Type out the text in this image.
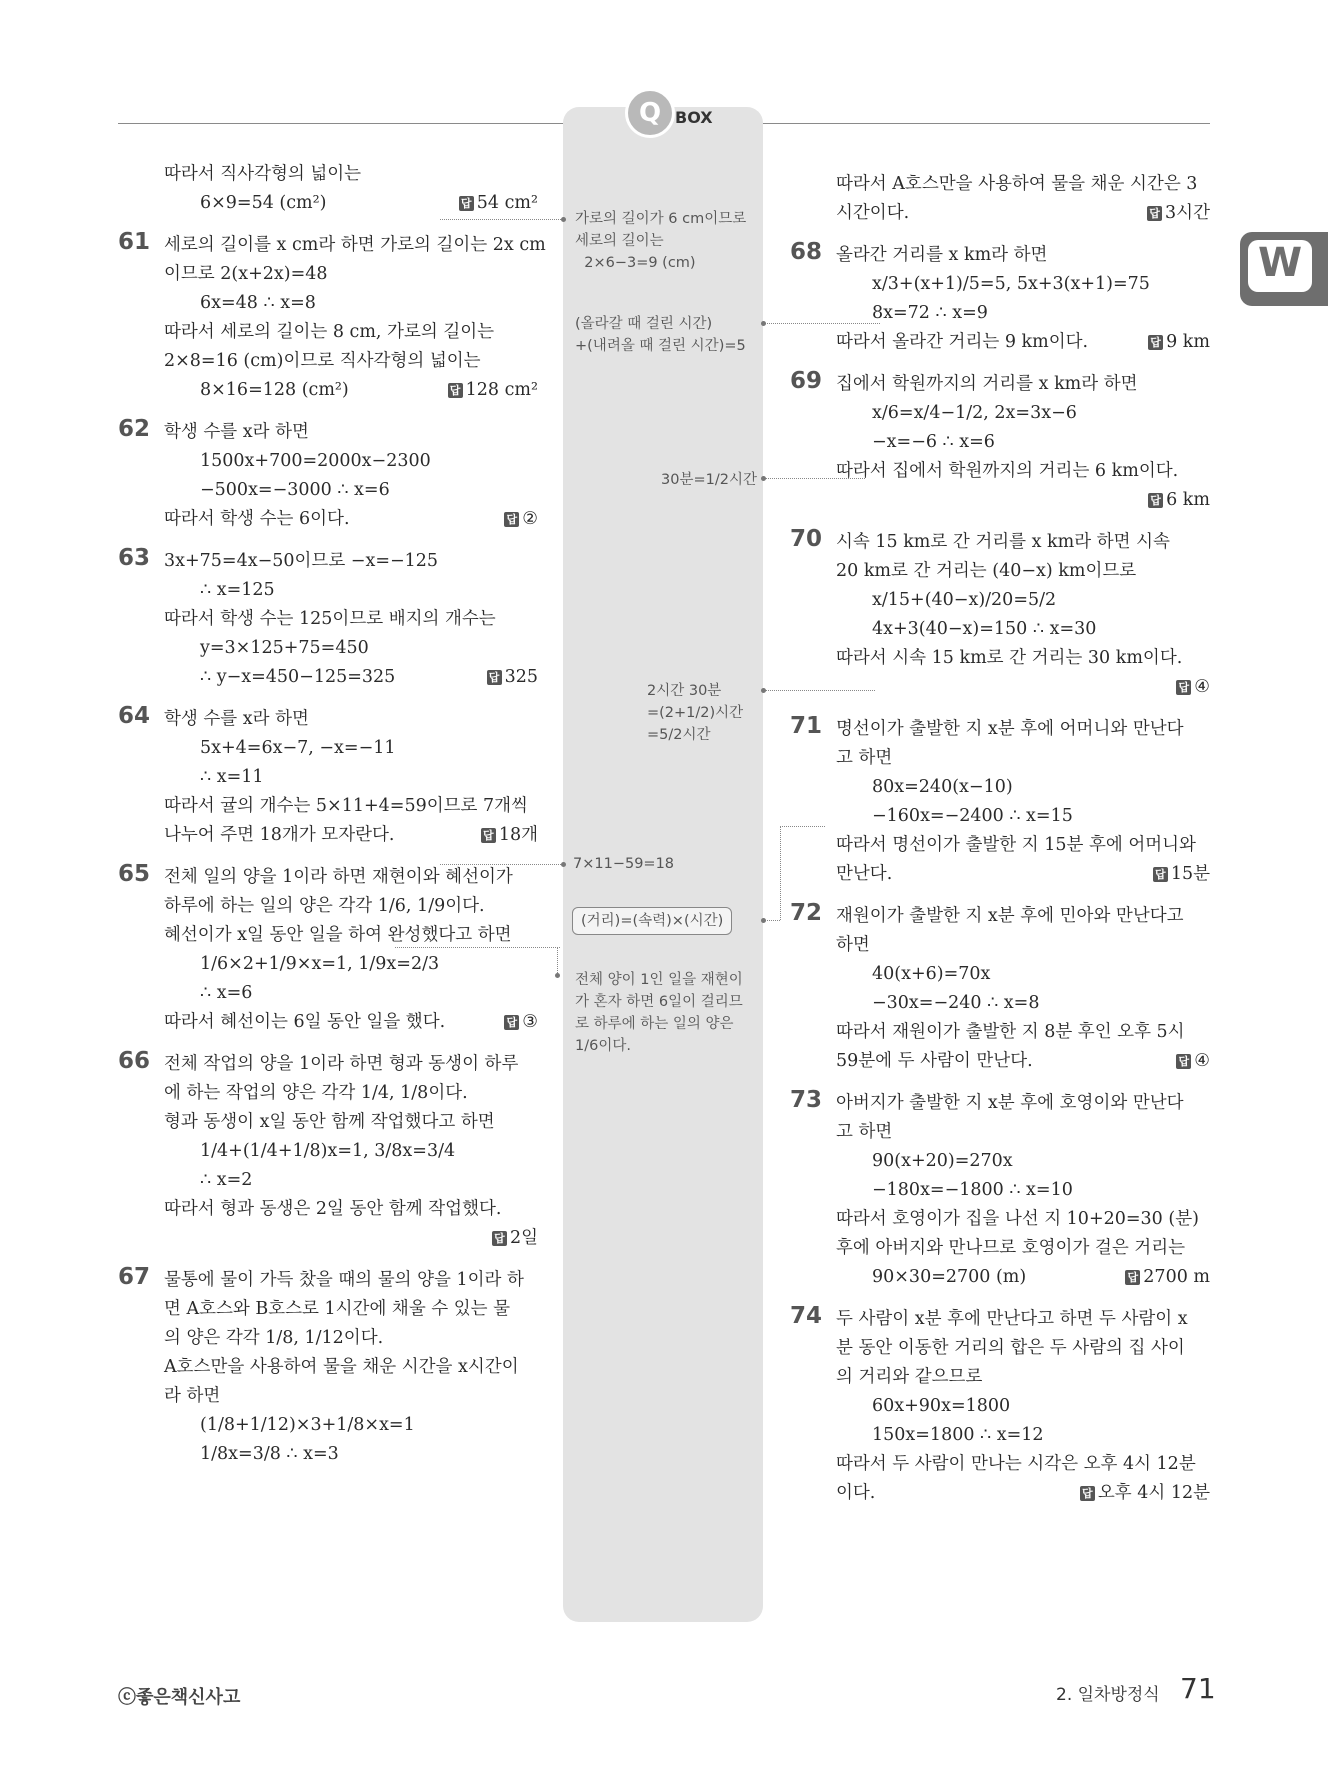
Q BOX
W
따라서 직사각형의 넓이는
6×9=54 (cm²)	답 54 cm²
61 세로의 길이를 x cm라 하면 가로의 길이는 2x cm
이므로 2(x+2x)=48
6x=48 ∴ x=8
따라서 세로의 길이는 8 cm, 가로의 길이는
2×8=16 (cm)이므로 직사각형의 넓이는
8×16=128 (cm²)	답 128 cm²
62 학생 수를 x라 하면
1500x+700=2000x−2300
−500x=−3000 ∴ x=6
따라서 학생 수는 6이다.	답 ②
63 3x+75=4x−50이므로 −x=−125
∴ x=125
따라서 학생 수는 125이므로 배지의 개수는
y=3×125+75=450
∴ y−x=450−125=325	답 325
64 학생 수를 x라 하면
5x+4=6x−7, −x=−11
∴ x=11
따라서 귤의 개수는 5×11+4=59이므로 7개씩
나누어 주면 18개가 모자란다.	답 18개
65 전체 일의 양을 1이라 하면 재현이와 혜선이가
하루에 하는 일의 양은 각각 1/6, 1/9이다.
혜선이가 x일 동안 일을 하여 완성했다고 하면
1/6×2+1/9×x=1, 1/9x=2/3
∴ x=6
따라서 혜선이는 6일 동안 일을 했다.	답 ③
66 전체 작업의 양을 1이라 하면 형과 동생이 하루
에 하는 작업의 양은 각각 1/4, 1/8이다.
형과 동생이 x일 동안 함께 작업했다고 하면
1/4+(1/4+1/8)x=1, 3/8x=3/4
∴ x=2
따라서 형과 동생은 2일 동안 함께 작업했다.
답 2일
67 물통에 물이 가득 찼을 때의 물의 양을 1이라 하
면 A호스와 B호스로 1시간에 채울 수 있는 물
의 양은 각각 1/8, 1/12이다.
A호스만을 사용하여 물을 채운 시간을 x시간이
라 하면
(1/8+1/12)×3+1/8×x=1
1/8x=3/8 ∴ x=3
따라서 A호스만을 사용하여 물을 채운 시간은 3
시간이다.	답 3시간
68 올라간 거리를 x km라 하면
x/3+(x+1)/5=5, 5x+3(x+1)=75
8x=72 ∴ x=9
따라서 올라간 거리는 9 km이다.	답 9 km
69 집에서 학원까지의 거리를 x km라 하면
x/6=x/4−1/2, 2x=3x−6
−x=−6 ∴ x=6
따라서 집에서 학원까지의 거리는 6 km이다.
답 6 km
70 시속 15 km로 간 거리를 x km라 하면 시속
20 km로 간 거리는 (40−x) km이므로
x/15+(40−x)/20=5/2
4x+3(40−x)=150 ∴ x=30
따라서 시속 15 km로 간 거리는 30 km이다.
답 ④
71 명선이가 출발한 지 x분 후에 어머니와 만난다
고 하면
80x=240(x−10)
−160x=−2400 ∴ x=15
따라서 명선이가 출발한 지 15분 후에 어머니와
만난다.	답 15분
72 재원이가 출발한 지 x분 후에 민아와 만난다고
하면
40(x+6)=70x
−30x=−240 ∴ x=8
따라서 재원이가 출발한 지 8분 후인 오후 5시
59분에 두 사람이 만난다.	답 ④
73 아버지가 출발한 지 x분 후에 호영이와 만난다
고 하면
90(x+20)=270x
−180x=−1800 ∴ x=10
따라서 호영이가 집을 나선 지 10+20=30 (분)
후에 아버지와 만나므로 호영이가 걸은 거리는
90×30=2700 (m)	답 2700 m
74 두 사람이 x분 후에 만난다고 하면 두 사람이 x
분 동안 이동한 거리의 합은 두 사람의 집 사이
의 거리와 같으므로
60x+90x=1800
150x=1800 ∴ x=12
따라서 두 사람이 만나는 시각은 오후 4시 12분
이다.	답 오후 4시 12분
가로의 길이가 6 cm이므로
세로의 길이는
2×6−3=9 (cm)
(올라갈 때 걸린 시간)
+(내려올 때 걸린 시간)=5
30분=1/2시간
2시간 30분
=(2+1/2)시간
=5/2시간
7×11−59=18
(거리)=(속력)×(시간)
전체 양이 1인 일을 재현이
가 혼자 하면 6일이 걸리므
로 하루에 하는 일의 양은
1/6이다.
ⓒ좋은책신사고	2. 일차방정식 71
